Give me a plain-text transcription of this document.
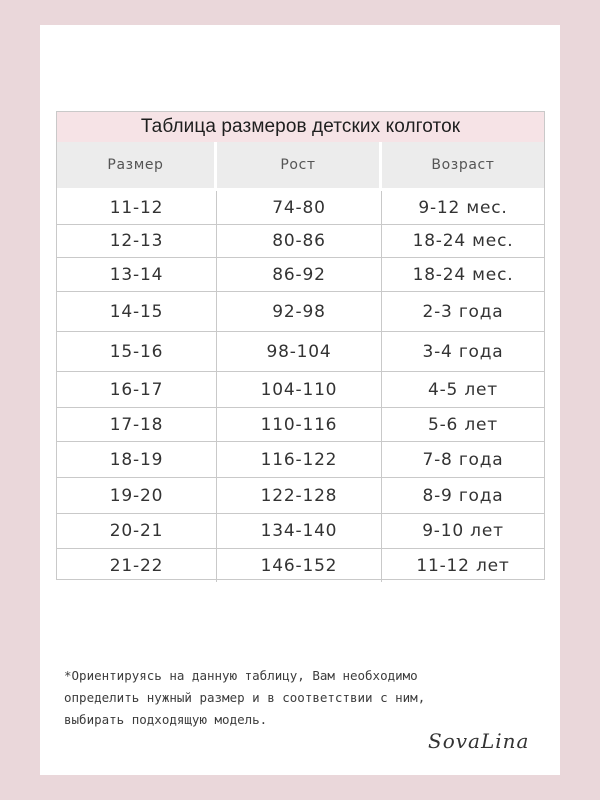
Таблица размеров детских колготок
Размер	Рост	Возраст
11-12	74-80	9-12 мес.
12-13	80-86	18-24 мес.
13-14	86-92	18-24 мес.
14-15	92-98	2-3 года
15-16	98-104	3-4 года
16-17	104-110	4-5 лет
17-18	110-116	5-6 лет
18-19	116-122	7-8 года
19-20	122-128	8-9 года
20-21	134-140	9-10 лет
21-22	146-152	11-12 лет

*Ориентируясь на данную таблицу, Вам необходимо

определить нужный размер и в соответствии с ним,

выбирать подходящую модель.

SovaLina
